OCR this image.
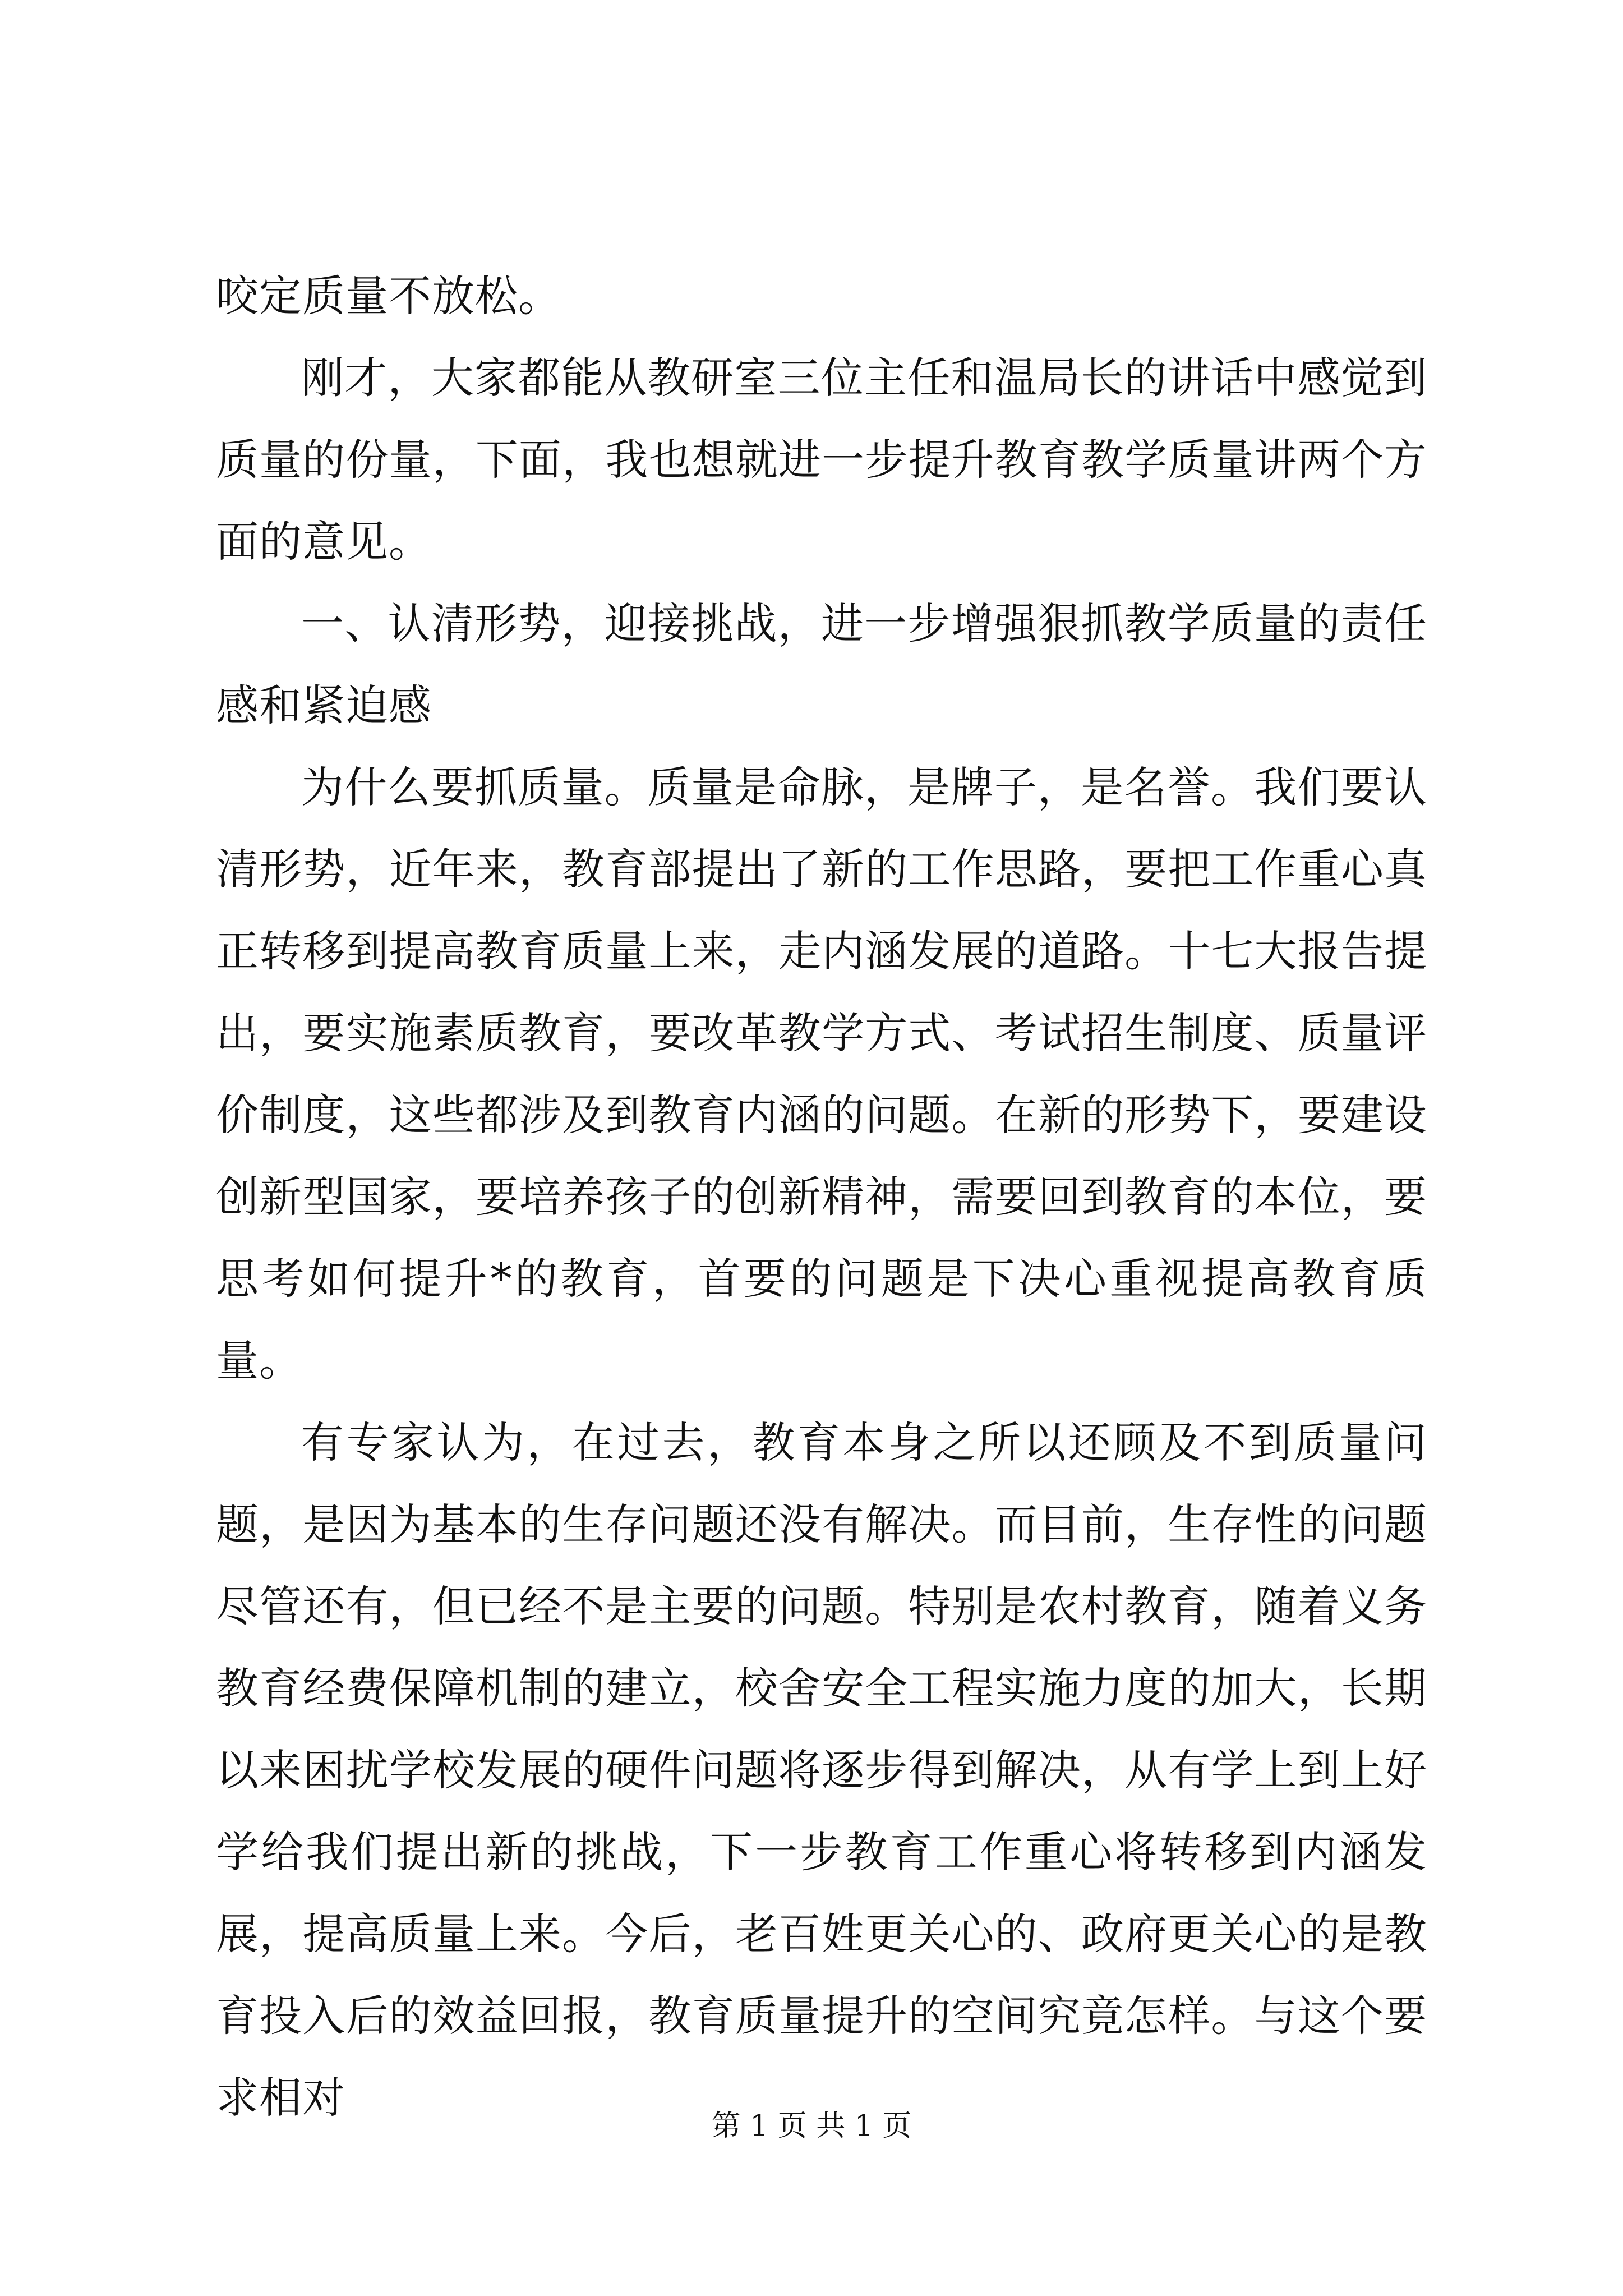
咬定质量不放松。

刚才，大家都能从教研室三位主任和温局长的讲话中感觉到质量的份量，下面，我也想就进一步提升教育教学质量讲两个方面的意见。

一、认清形势，迎接挑战，进一步增强狠抓教学质量的责任感和紧迫感

为什么要抓质量。质量是命脉，是牌子，是名誉。我们要认清形势，近年来，教育部提出了新的工作思路，要把工作重心真正转移到提高教育质量上来，走内涵发展的道路。十七大报告提出，要实施素质教育，要改革教学方式、考试招生制度、质量评价制度，这些都涉及到教育内涵的问题。在新的形势下，要建设创新型国家，要培养孩子的创新精神，需要回到教育的本位，要思考如何提升*的教育，首要的问题是下决心重视提高教育质量。

有专家认为，在过去，教育本身之所以还顾及不到质量问题，是因为基本的生存问题还没有解决。而目前，生存性的问题尽管还有，但已经不是主要的问题。特别是农村教育，随着义务教育经费保障机制的建立，校舍安全工程实施力度的加大，长期以来困扰学校发展的硬件问题将逐步得到解决，从有学上到上好学给我们提出新的挑战，下一步教育工作重心将转移到内涵发展，提高质量上来。今后，老百姓更关心的、政府更关心的是教育投入后的效益回报，教育质量提升的空间究竟怎样。与这个要求相对

第 1 页 共 1 页
